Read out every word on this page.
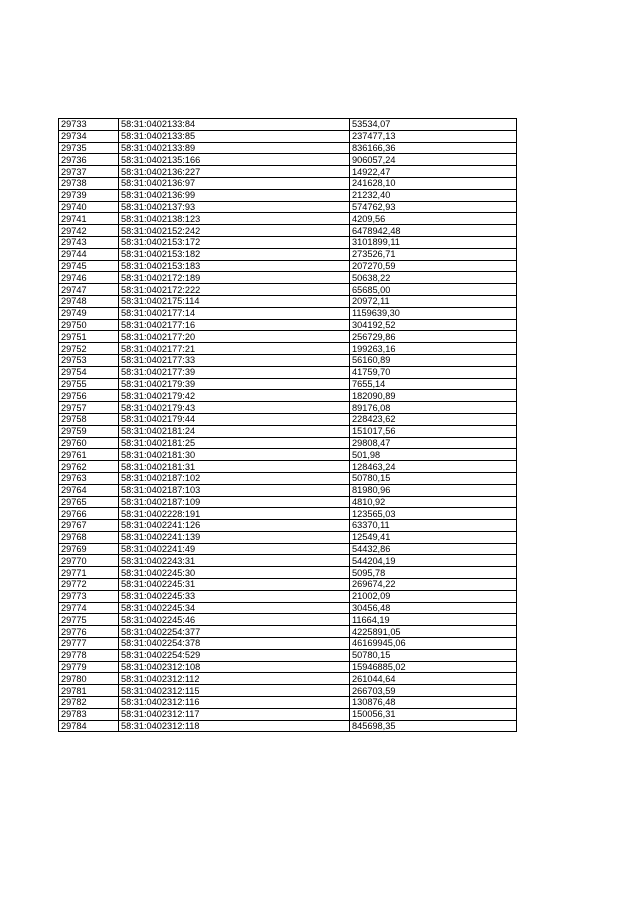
29733	58:31:0402133:84	53534,07
29734	58:31:0402133:85	237477,13
29735	58:31:0402133:89	836166,36
29736	58:31:0402135:166	906057,24
29737	58:31:0402136:227	14922,47
29738	58:31:0402136:97	241628,10
29739	58:31:0402136:99	21232,40
29740	58:31:0402137:93	574762,93
29741	58:31:0402138:123	4209,56
29742	58:31:0402152:242	6478942,48
29743	58:31:0402153:172	3101899,11
29744	58:31:0402153:182	273526,71
29745	58:31:0402153:183	207270,59
29746	58:31:0402172:189	50638,22
29747	58:31:0402172:222	65685,00
29748	58:31:0402175:114	20972,11
29749	58:31:0402177:14	1159639,30
29750	58:31:0402177:16	304192,52
29751	58:31:0402177:20	256729,86
29752	58:31:0402177:21	199263,16
29753	58:31:0402177:33	56160,89
29754	58:31:0402177:39	41759,70
29755	58:31:0402179:39	7655,14
29756	58:31:0402179:42	182090,89
29757	58:31:0402179:43	89176,08
29758	58:31:0402179:44	228423,62
29759	58:31:0402181:24	151017,56
29760	58:31:0402181:25	29808,47
29761	58:31:0402181:30	501,98
29762	58:31:0402181:31	128463,24
29763	58:31:0402187:102	50780,15
29764	58:31:0402187:103	81980,96
29765	58:31:0402187:109	4810,92
29766	58:31:0402228:191	123565,03
29767	58:31:0402241:126	63370,11
29768	58:31:0402241:139	12549,41
29769	58:31:0402241:49	54432,86
29770	58:31:0402243:31	544204,19
29771	58:31:0402245:30	5095,78
29772	58:31:0402245:31	269674,22
29773	58:31:0402245:33	21002,09
29774	58:31:0402245:34	30456,48
29775	58:31:0402245:46	11664,19
29776	58:31:0402254:377	4225891,05
29777	58:31:0402254:378	46169945,06
29778	58:31:0402254:529	50780,15
29779	58:31:0402312:108	15946885,02
29780	58:31:0402312:112	261044,64
29781	58:31:0402312:115	266703,59
29782	58:31:0402312:116	130876,48
29783	58:31:0402312:117	150056,31
29784	58:31:0402312:118	845698,35
